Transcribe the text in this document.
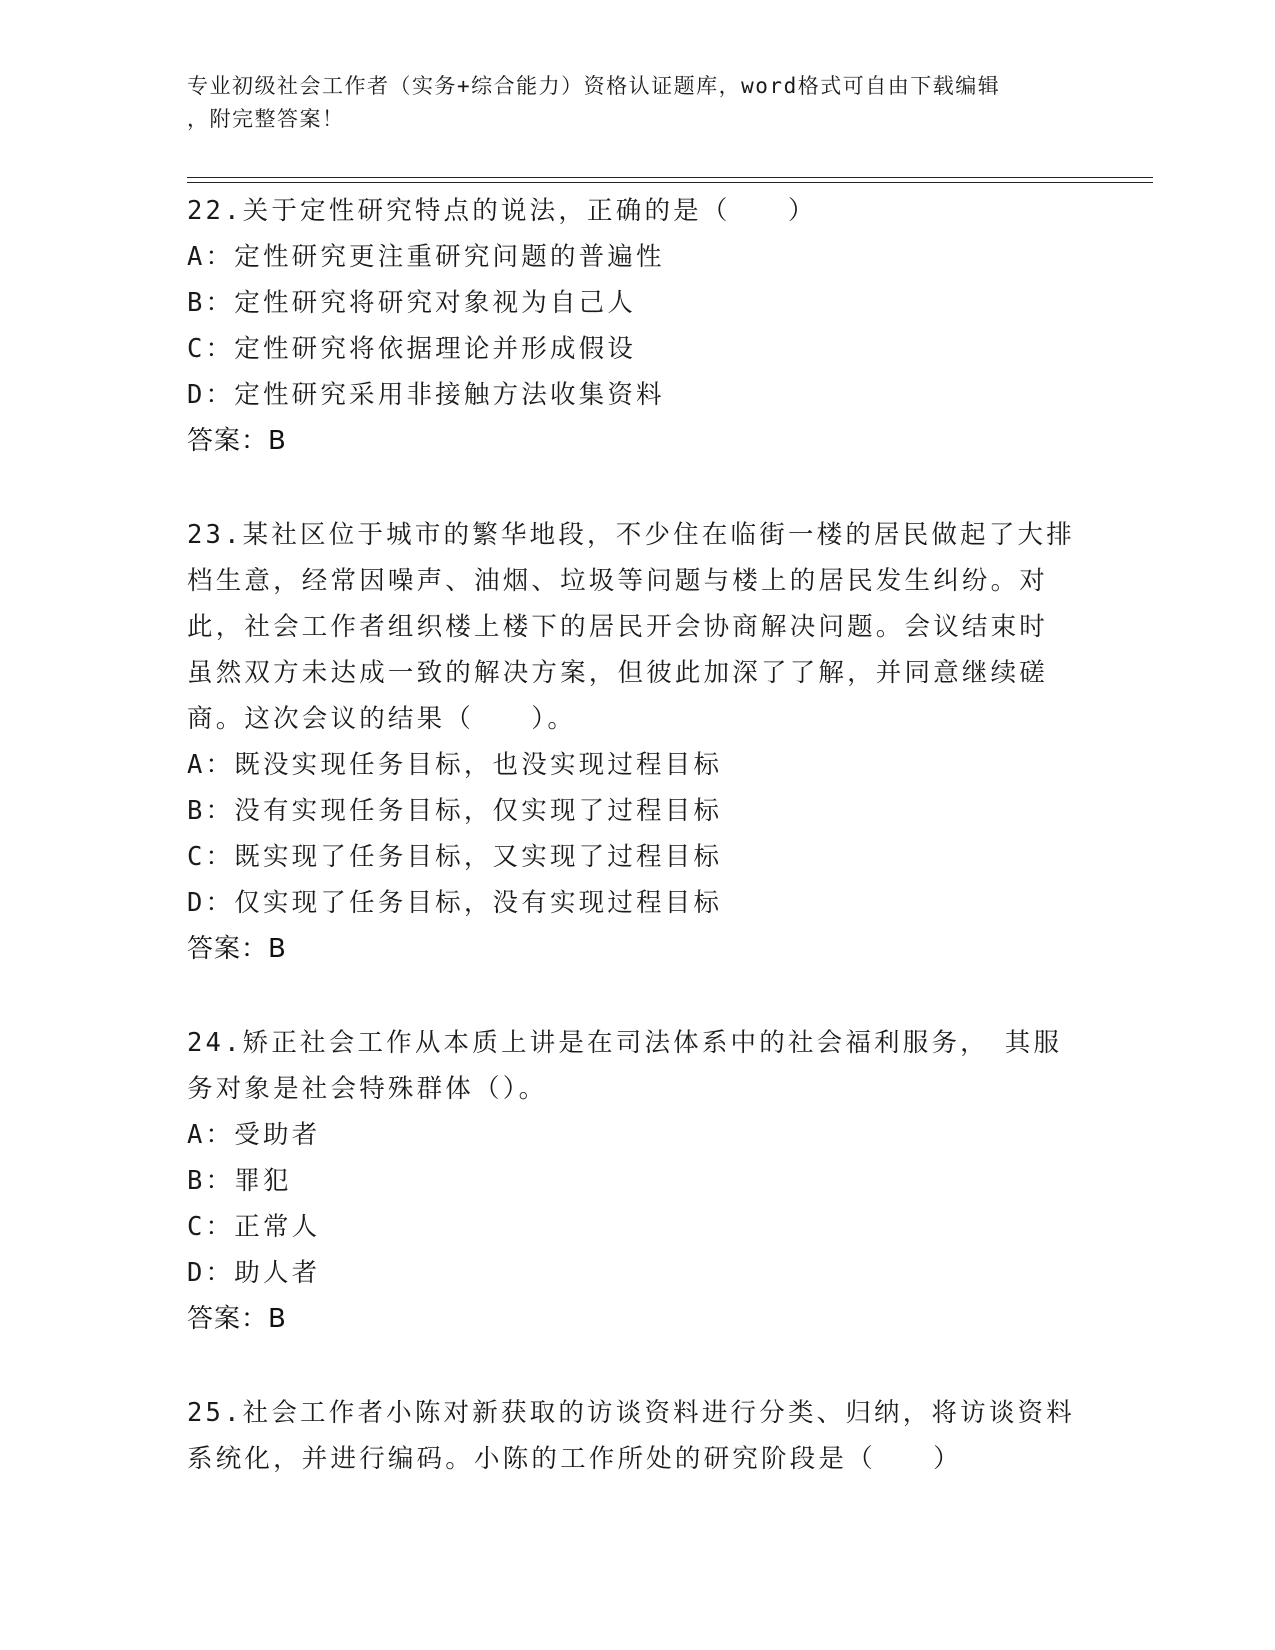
专业初级社会工作者（实务+综合能力）资格认证题库，word格式可自由下载编辑
，附完整答案！
22.关于定性研究特点的说法，正确的是（　　）
A：定性研究更注重研究问题的普遍性
B：定性研究将研究对象视为自己人
C：定性研究将依据理论并形成假设
D：定性研究采用非接触方法收集资料
答案：B
23.某社区位于城市的繁华地段，不少住在临街一楼的居民做起了大排
档生意，经常因噪声、油烟、垃圾等问题与楼上的居民发生纠纷。对
此，社会工作者组织楼上楼下的居民开会协商解决问题。会议结束时
虽然双方未达成一致的解决方案，但彼此加深了了解，并同意继续磋
商。这次会议的结果（　　）。
A：既没实现任务目标，也没实现过程目标
B：没有实现任务目标，仅实现了过程目标
C：既实现了任务目标，又实现了过程目标
D：仅实现了任务目标，没有实现过程目标
答案：B
24.矫正社会工作从本质上讲是在司法体系中的社会福利服务，　其服
务对象是社会特殊群体（）。
A：受助者
B：罪犯
C：正常人
D：助人者
答案：B
25.社会工作者小陈对新获取的访谈资料进行分类、归纳，将访谈资料
系统化，并进行编码。小陈的工作所处的研究阶段是（　　）
